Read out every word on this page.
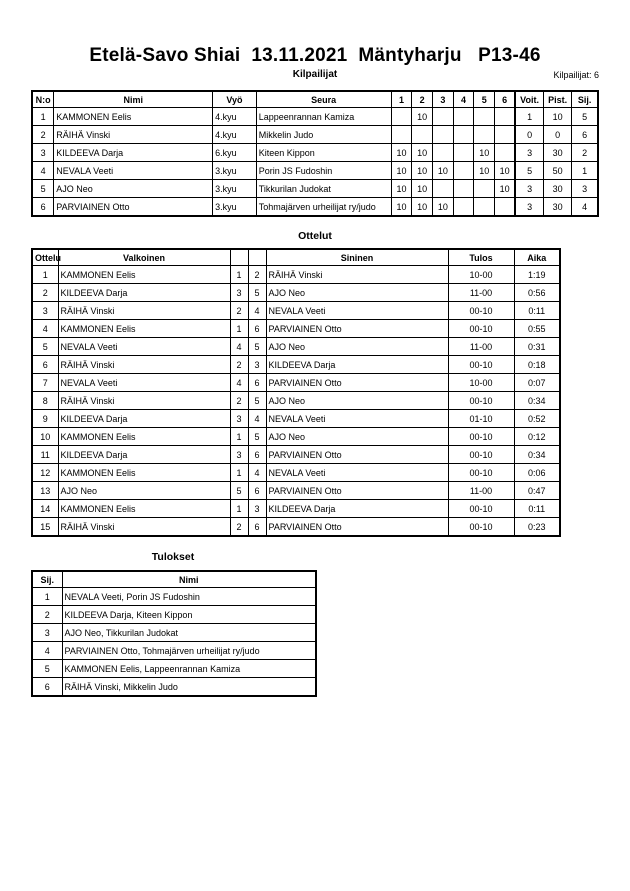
Etelä-Savo Shiai  13.11.2021  Mäntyharju   P13-46
Kilpailijat	Kilpailijat: 6
N:o	Nimi	Vyö	Seura	1	2	3	4	5	6	Voit.	Pist.	Sij.
1	KAMMONEN Eelis	4.kyu	Lappeenrannan Kamiza		10					1	10	5
2	RÄIHÄ Vinski	4.kyu	Mikkelin Judo							0	0	6
3	KILDEEVA Darja	6.kyu	Kiteen Kippon	10	10			10		3	30	2
4	NEVALA Veeti	3.kyu	Porin JS Fudoshin	10	10	10		10	10	5	50	1
5	AJO Neo	3.kyu	Tikkurilan Judokat	10	10				10	3	30	3
6	PARVIAINEN Otto	3.kyu	Tohmajärven urheilijat ry/judo	10	10	10				3	30	4
Ottelut
Ottelu	Valkoinen			Sininen	Tulos	Aika
1	KAMMONEN Eelis	1	2	RÄIHÄ Vinski	10-00	1:19
2	KILDEEVA Darja	3	5	AJO Neo	11-00	0:56
3	RÄIHÄ Vinski	2	4	NEVALA Veeti	00-10	0:11
4	KAMMONEN Eelis	1	6	PARVIAINEN Otto	00-10	0:55
5	NEVALA Veeti	4	5	AJO Neo	11-00	0:31
6	RÄIHÄ Vinski	2	3	KILDEEVA Darja	00-10	0:18
7	NEVALA Veeti	4	6	PARVIAINEN Otto	10-00	0:07
8	RÄIHÄ Vinski	2	5	AJO Neo	00-10	0:34
9	KILDEEVA Darja	3	4	NEVALA Veeti	01-10	0:52
10	KAMMONEN Eelis	1	5	AJO Neo	00-10	0:12
11	KILDEEVA Darja	3	6	PARVIAINEN Otto	00-10	0:34
12	KAMMONEN Eelis	1	4	NEVALA Veeti	00-10	0:06
13	AJO Neo	5	6	PARVIAINEN Otto	11-00	0:47
14	KAMMONEN Eelis	1	3	KILDEEVA Darja	00-10	0:11
15	RÄIHÄ Vinski	2	6	PARVIAINEN Otto	00-10	0:23
Tulokset
Sij.	Nimi
1	NEVALA Veeti, Porin JS Fudoshin
2	KILDEEVA Darja, Kiteen Kippon
3	AJO Neo, Tikkurilan Judokat
4	PARVIAINEN Otto, Tohmajärven urheilijat ry/judo
5	KAMMONEN Eelis, Lappeenrannan Kamiza
6	RÄIHÄ Vinski, Mikkelin Judo
